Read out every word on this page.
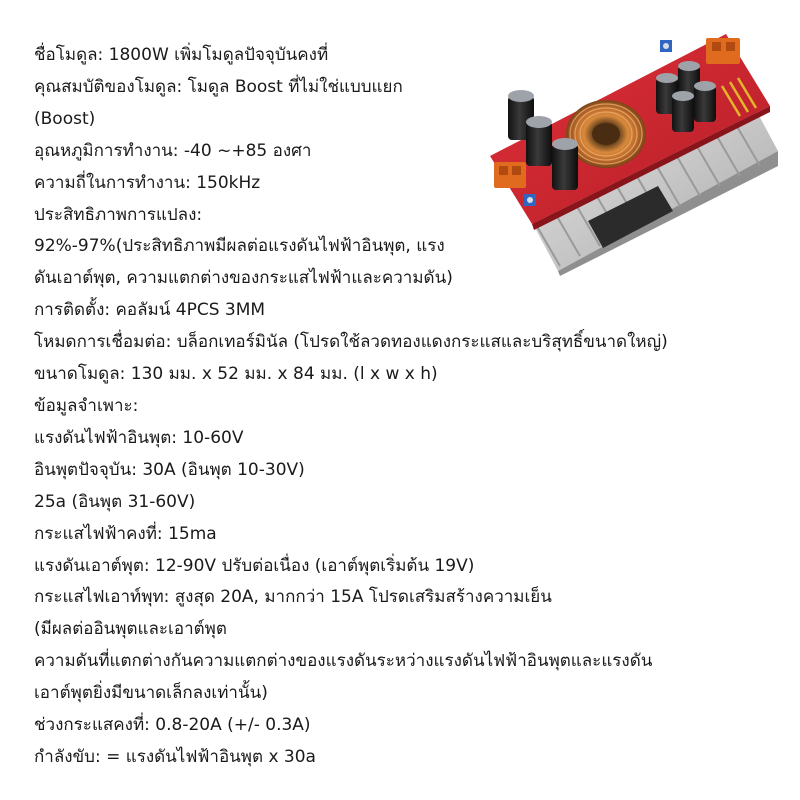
ชื่อโมดูล: 1800W เพิ่มโมดูลปัจจุบันคงที่
คุณสมบัติของโมดูล: โมดูล Boost ที่ไม่ใช่แบบแยก
(Boost)
อุณหภูมิการทำงาน: -40 ~+85 องศา
ความถี่ในการทำงาน: 150kHz
ประสิทธิภาพการแปลง:
92%-97%(ประสิทธิภาพมีผลต่อแรงดันไฟฟ้าอินพุต, แรง
ดันเอาต์พุต, ความแตกต่างของกระแสไฟฟ้าและความดัน)
การติดตั้ง: คอลัมน์ 4PCS 3MM
โหมดการเชื่อมต่อ: บล็อกเทอร์มินัล (โปรดใช้ลวดทองแดงกระแสและบริสุทธิ์ขนาดใหญ่)
ขนาดโมดูล: 130 มม. x 52 มม. x 84 มม. (l x w x h)
ข้อมูลจำเพาะ:
แรงดันไฟฟ้าอินพุต: 10-60V
อินพุตปัจจุบัน: 30A (อินพุต 10-30V)
25a (อินพุต 31-60V)
กระแสไฟฟ้าคงที่: 15ma
แรงดันเอาต์พุต: 12-90V ปรับต่อเนื่อง (เอาต์พุตเริ่มต้น 19V)
กระแสไฟเอาท์พุท: สูงสุด 20A, มากกว่า 15A โปรดเสริมสร้างความเย็น
(มีผลต่ออินพุตและเอาต์พุต
ความดันที่แตกต่างกันความแตกต่างของแรงดันระหว่างแรงดันไฟฟ้าอินพุตและแรงดัน
เอาต์พุตยิ่งมีขนาดเล็กลงเท่านั้น)
ช่วงกระแสคงที่: 0.8-20A (+/- 0.3A)
กำลังขับ: = แรงดันไฟฟ้าอินพุต x 30a
